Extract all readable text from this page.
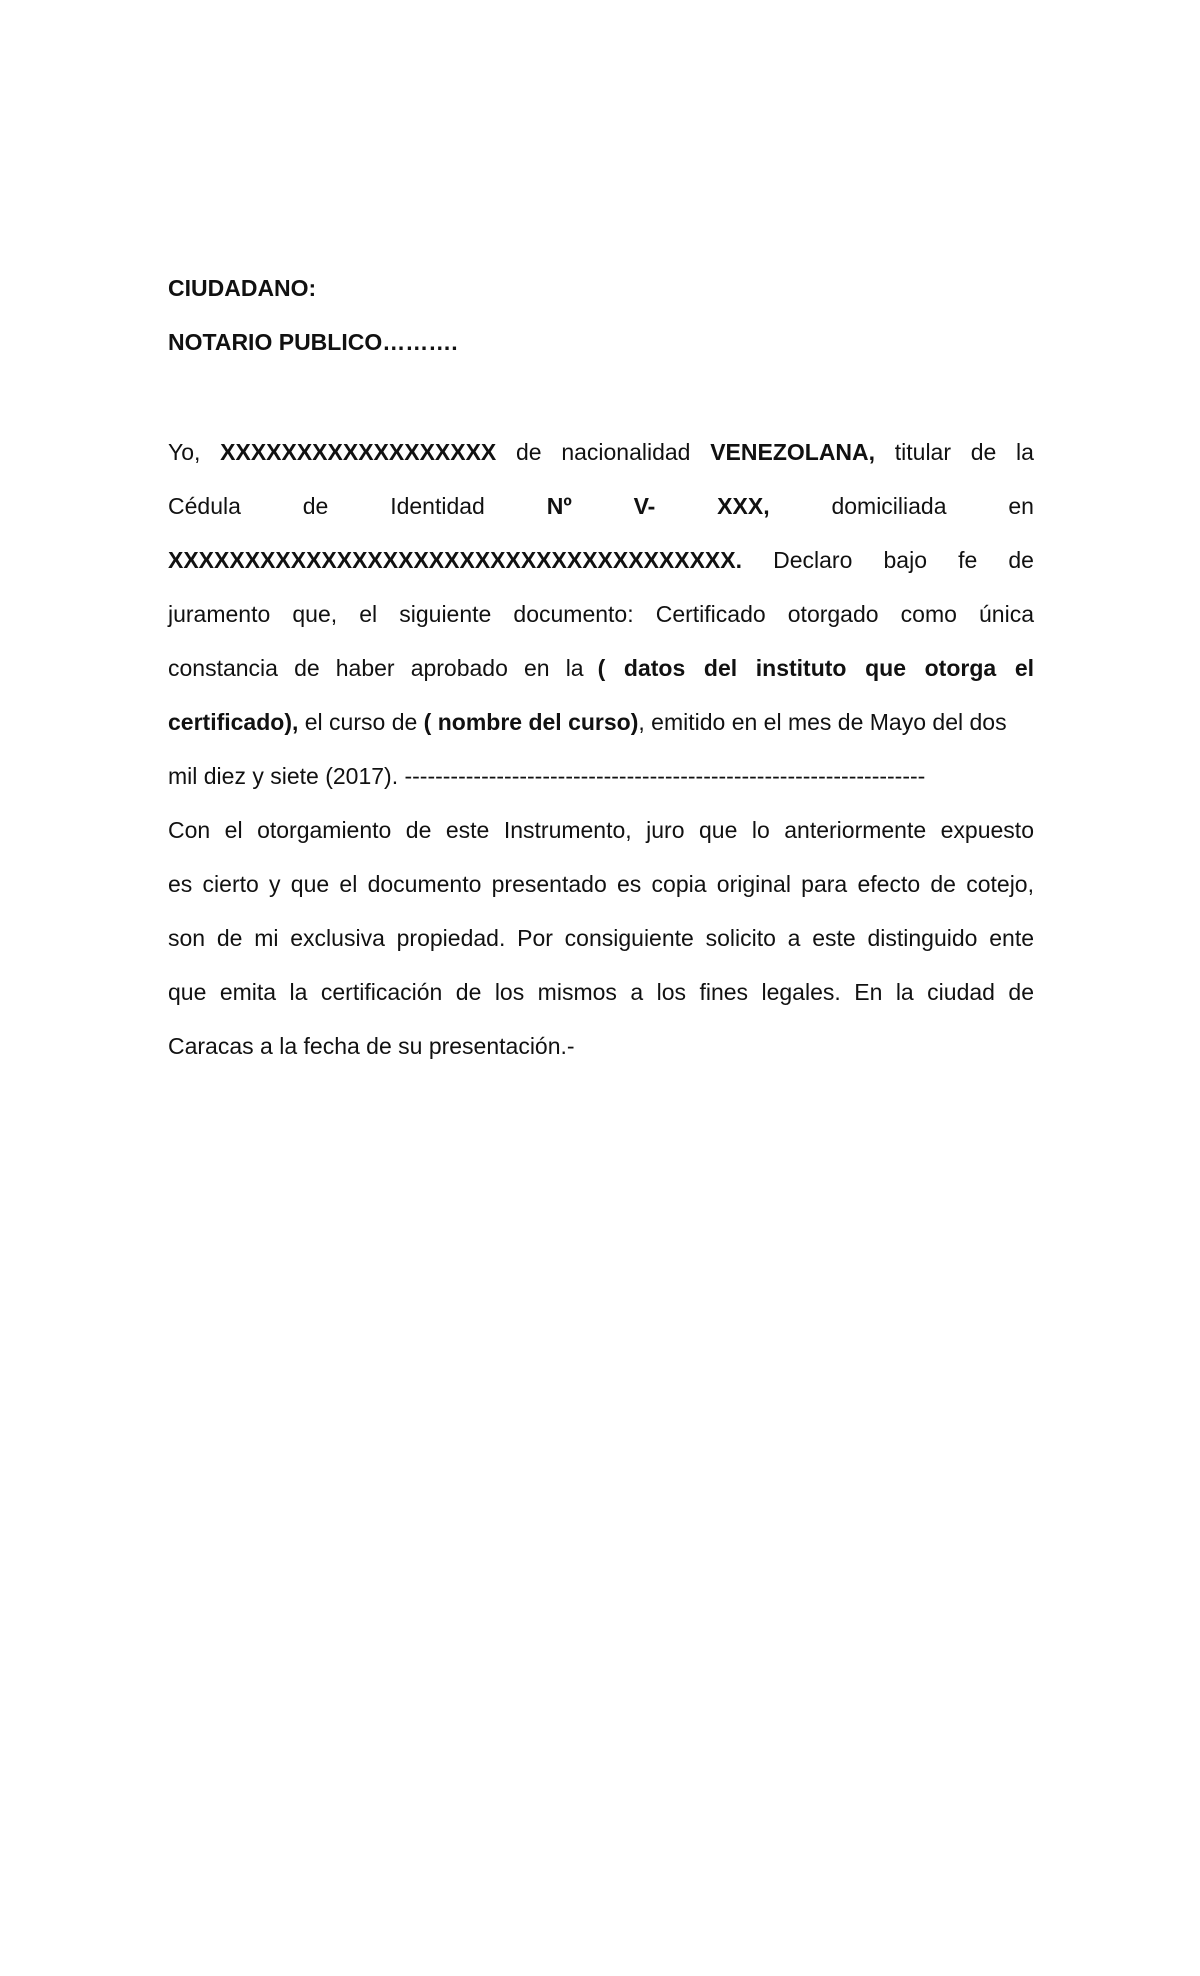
CIUDADANO:
NOTARIO PUBLICO……….
Yo, XXXXXXXXXXXXXXXXXX de nacionalidad VENEZOLANA, titular de la
Cédula	de	Identidad	Nº	V-	XXX,	domiciliada	en
XXXXXXXXXXXXXXXXXXXXXXXXXXXXXXXXXXXXX. Declaro bajo fe de
juramento que, el siguiente documento: Certificado otorgado como única
constancia de haber aprobado en la ( datos del instituto que otorga el
certificado), el curso de ( nombre del curso), emitido en el mes de Mayo del dos
mil diez y siete (2017). --------------------------------------------------------------------
Con el otorgamiento de este Instrumento, juro que lo anteriormente expuesto
es cierto y que el documento presentado es copia original para efecto de cotejo,
son de mi exclusiva propiedad. Por consiguiente solicito a este distinguido ente
que emita la certificación de los mismos a los fines legales. En la ciudad de
Caracas a la fecha de su presentación.-
